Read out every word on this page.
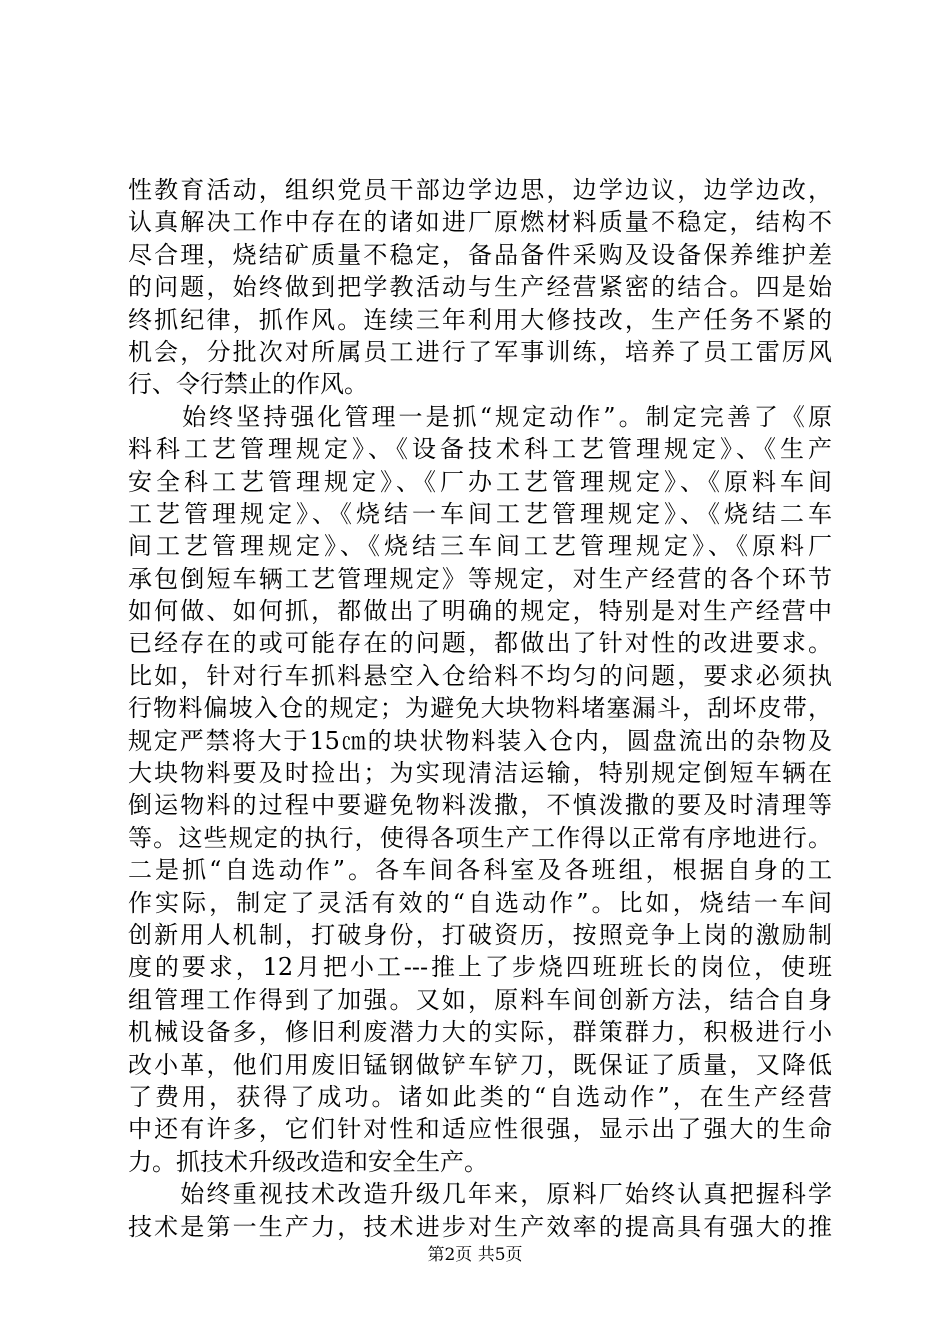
性教育活动，组织党员干部边学边思，边学边议，边学边改，
认真解决工作中存在的诸如进厂原燃材料质量不稳定，结构不
尽合理，烧结矿质量不稳定，备品备件采购及设备保养维护差
的问题，始终做到把学教活动与生产经营紧密的结合。四是始
终抓纪律，抓作风。连续三年利用大修技改，生产任务不紧的
机会，分批次对所属员工进行了军事训练，培养了员工雷厉风
行、令行禁止的作风。
　　始终坚持强化管理一是抓“规定动作”。制定完善了《原
料科工艺管理规定》、《设备技术科工艺管理规定》、《生产
安全科工艺管理规定》、《厂办工艺管理规定》、《原料车间
工艺管理规定》、《烧结一车间工艺管理规定》、《烧结二车
间工艺管理规定》、《烧结三车间工艺管理规定》、《原料厂
承包倒短车辆工艺管理规定》等规定，对生产经营的各个环节
如何做、如何抓，都做出了明确的规定，特别是对生产经营中
已经存在的或可能存在的问题，都做出了针对性的改进要求。
比如，针对行车抓料悬空入仓给料不均匀的问题，要求必须执
行物料偏坡入仓的规定；为避免大块物料堵塞漏斗，刮坏皮带，
规定严禁将大于15㎝的块状物料装入仓内，圆盘流出的杂物及
大块物料要及时捡出；为实现清洁运输，特别规定倒短车辆在
倒运物料的过程中要避免物料泼撒，不慎泼撒的要及时清理等
等。这些规定的执行，使得各项生产工作得以正常有序地进行。
二是抓“自选动作”。各车间各科室及各班组，根据自身的工
作实际，制定了灵活有效的“自选动作”。比如，烧结一车间
创新用人机制，打破身份，打破资历，按照竞争上岗的激励制
度的要求，12月把小工---推上了步烧四班班长的岗位，使班
组管理工作得到了加强。又如，原料车间创新方法，结合自身
机械设备多，修旧利废潜力大的实际，群策群力，积极进行小
改小革，他们用废旧锰钢做铲车铲刀，既保证了质量，又降低
了费用，获得了成功。诸如此类的“自选动作”，在生产经营
中还有许多，它们针对性和适应性很强，显示出了强大的生命
力。抓技术升级改造和安全生产。
　　始终重视技术改造升级几年来，原料厂始终认真把握科学
技术是第一生产力，技术进步对生产效率的提高具有强大的推
第2页 共5页
